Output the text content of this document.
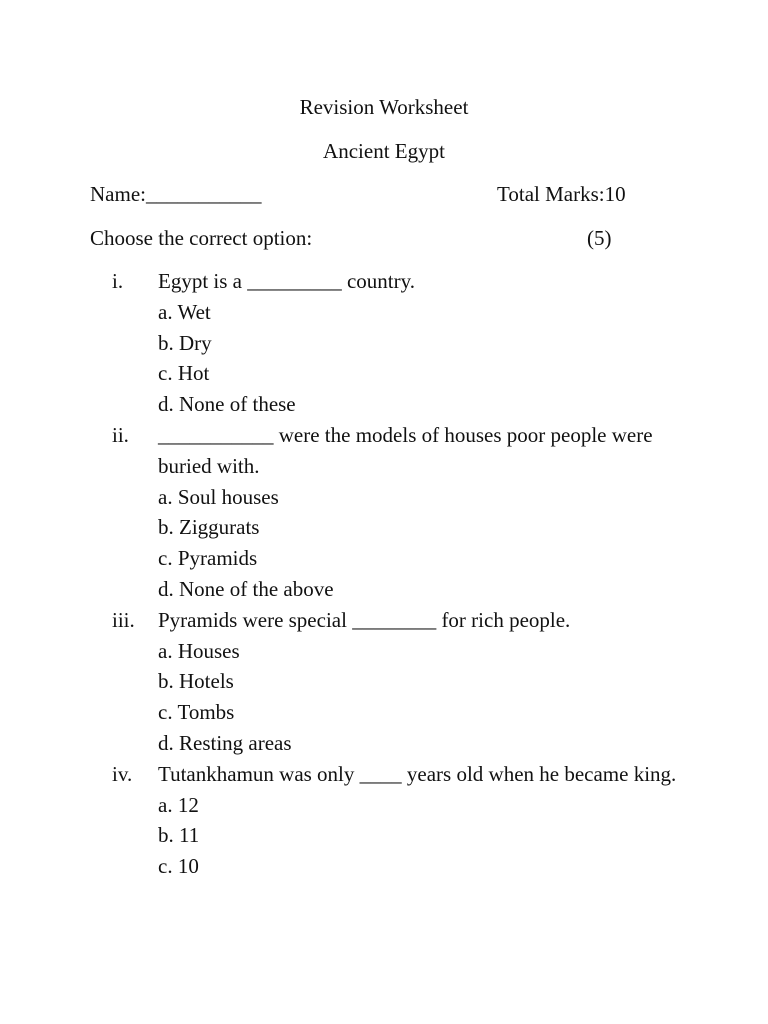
Revision Worksheet
Ancient Egypt
Name:___________	Total Marks:10
Choose the correct option:	(5)
i. Egypt is a _________ country.
a. Wet
b. Dry
c. Hot
d. None of these
ii. ___________ were the models of houses poor people were buried with.
a. Soul houses
b. Ziggurats
c. Pyramids
d. None of the above
iii. Pyramids were special ________ for rich people.
a. Houses
b. Hotels
c. Tombs
d. Resting areas
iv. Tutankhamun was only ____ years old when he became king.
a. 12
b. 11
c. 10
